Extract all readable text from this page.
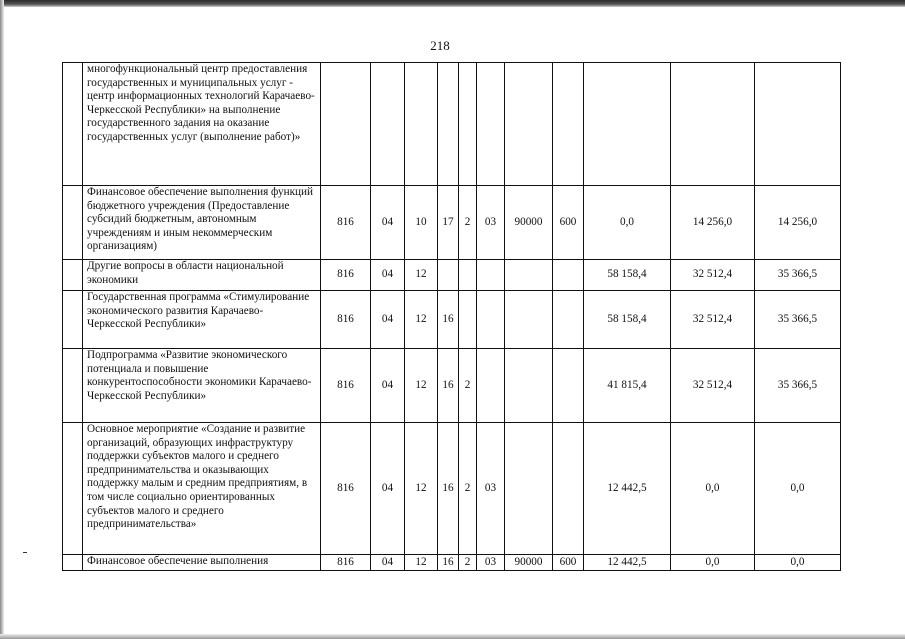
218
	многофункциональный центр предоставления государственных и муниципальных услуг - центр информационных технологий Карачаево-Черкесской Республики» на выполнение государственного задания на оказание государственных услуг (выполнение работ)»											
	Финансовое обеспечение выполнения функций бюджетного учреждения (Предоставление субсидий бюджетным, автономным учреждениям и иным некоммерческим организациям)	816	04	10	17	2	03	90000	600	0,0	14 256,0	14 256,0
	Другие вопросы в области национальной экономики	816	04	12						58 158,4	32 512,4	35 366,5
	Государственная программа «Стимулирование экономического развития Карачаево-Черкесской Республики»	816	04	12	16					58 158,4	32 512,4	35 366,5
	Подпрограмма «Развитие экономического потенциала и повышение конкурентоспособности экономики Карачаево-Черкесской Республики»	816	04	12	16	2				41 815,4	32 512,4	35 366,5
	Основное мероприятие «Создание и развитие организаций, образующих инфраструктуру поддержки субъектов малого и среднего предпринимательства и оказывающих поддержку малым и средним предприятиям, в том числе социально ориентированных субъектов малого и среднего предпринимательства»	816	04	12	16	2	03			12 442,5	0,0	0,0
	Финансовое обеспечение выполнения	816	04	12	16	2	03	90000	600	12 442,5	0,0	0,0
